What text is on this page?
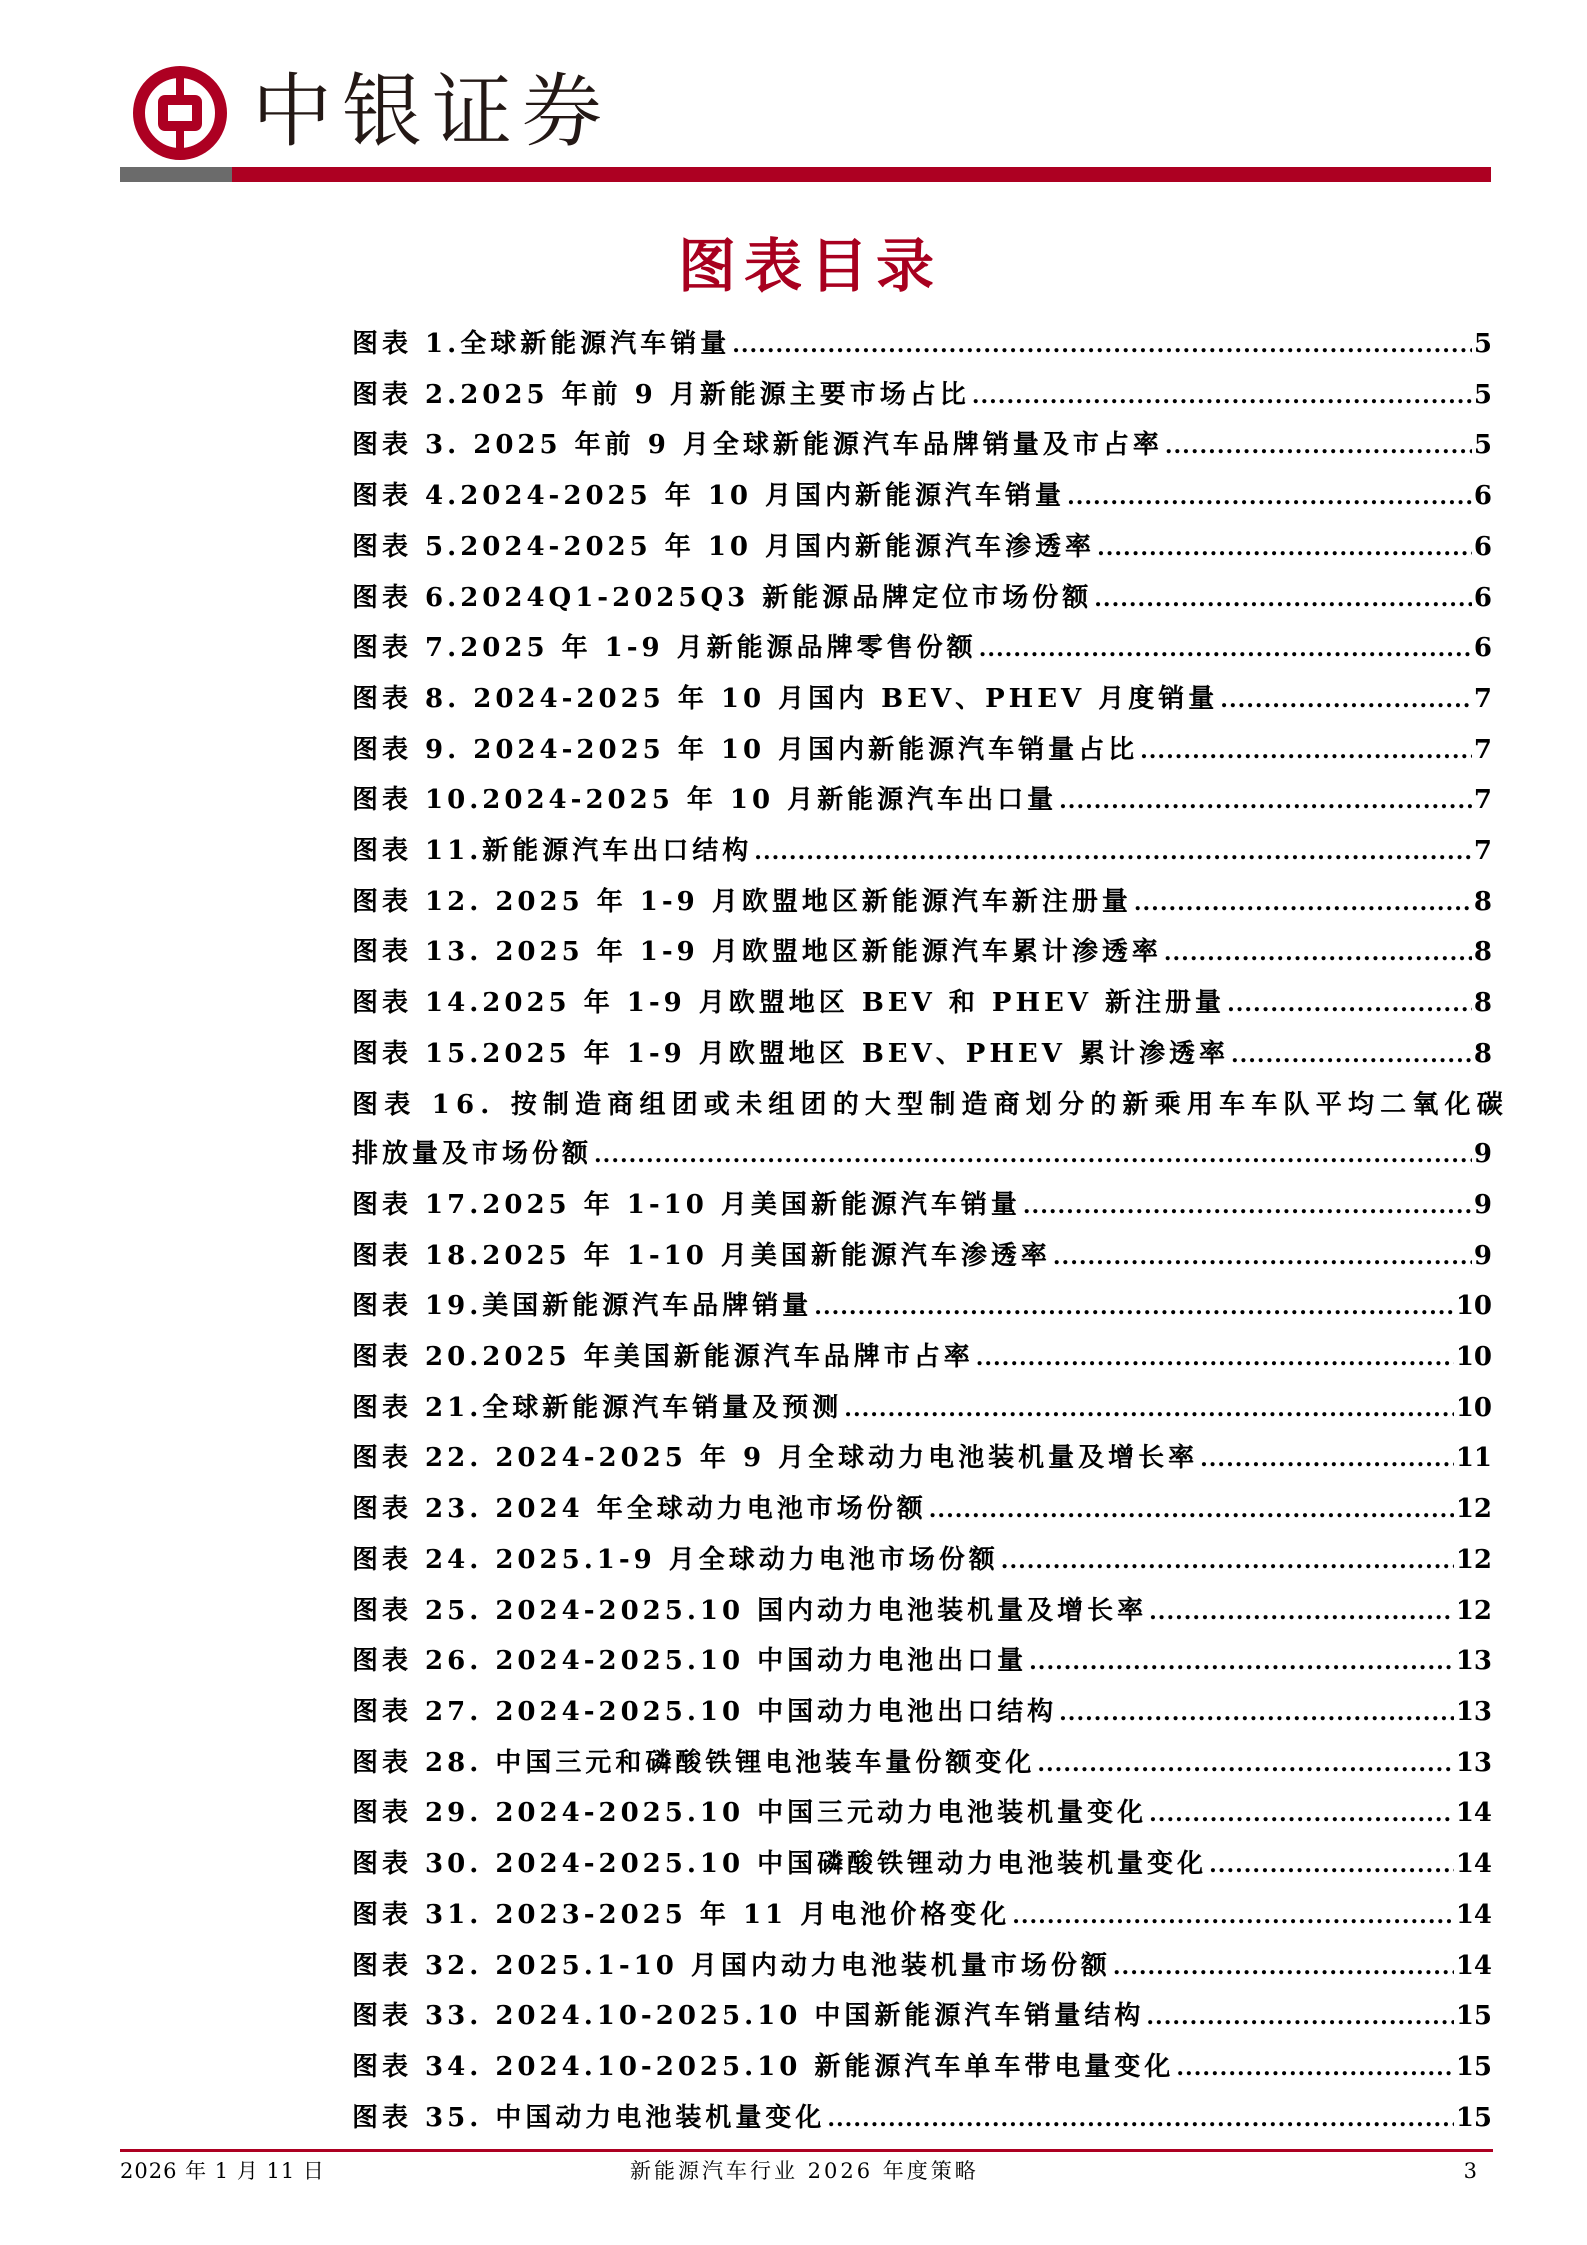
中银证券
图表目录
图表 1.全球新能源汽车销量 .....	5
图表 2.2025 年前 9 月新能源主要市场占比 .....	5
图表 3. 2025 年前 9 月全球新能源汽车品牌销量及市占率 .....	5
图表 4.2024-2025 年 10 月国内新能源汽车销量 .....	6
图表 5.2024-2025 年 10 月国内新能源汽车渗透率 .....	6
图表 6.2024Q1-2025Q3 新能源品牌定位市场份额 .....	6
图表 7.2025 年 1-9 月新能源品牌零售份额 .....	6
图表 8. 2024-2025 年 10 月国内 BEV、PHEV 月度销量 .....	7
图表 9. 2024-2025 年 10 月国内新能源汽车销量占比 .....	7
图表 10.2024-2025 年 10 月新能源汽车出口量 .....	7
图表 11.新能源汽车出口结构 .....	7
图表 12. 2025 年 1-9 月欧盟地区新能源汽车新注册量 .....	8
图表 13. 2025 年 1-9 月欧盟地区新能源汽车累计渗透率 .....	8
图表 14.2025 年 1-9 月欧盟地区 BEV 和 PHEV 新注册量 .....	8
图表 15.2025 年 1-9 月欧盟地区 BEV、PHEV 累计渗透率 .....	8
图表 16. 按制造商组团或未组团的大型制造商划分的新乘用车车队平均二氧化碳
排放量及市场份额 .....	9
图表 17.2025 年 1-10 月美国新能源汽车销量 .....	9
图表 18.2025 年 1-10 月美国新能源汽车渗透率 .....	9
图表 19.美国新能源汽车品牌销量 .....	10
图表 20.2025 年美国新能源汽车品牌市占率 .....	10
图表 21.全球新能源汽车销量及预测 .....	10
图表 22. 2024-2025 年 9 月全球动力电池装机量及增长率 .....	11
图表 23. 2024 年全球动力电池市场份额 .....	12
图表 24. 2025.1-9 月全球动力电池市场份额 .....	12
图表 25. 2024-2025.10 国内动力电池装机量及增长率 .....	12
图表 26. 2024-2025.10 中国动力电池出口量 .....	13
图表 27. 2024-2025.10 中国动力电池出口结构 .....	13
图表 28. 中国三元和磷酸铁锂电池装车量份额变化 .....	13
图表 29. 2024-2025.10 中国三元动力电池装机量变化 .....	14
图表 30. 2024-2025.10 中国磷酸铁锂动力电池装机量变化 .....	14
图表 31. 2023-2025 年 11 月电池价格变化 .....	14
图表 32. 2025.1-10 月国内动力电池装机量市场份额 .....	14
图表 33. 2024.10-2025.10 中国新能源汽车销量结构 .....	15
图表 34. 2024.10-2025.10 新能源汽车单车带电量变化 .....	15
图表 35. 中国动力电池装机量变化 .....	15
2026 年 1 月 11 日	新能源汽车行业 2026 年度策略	3
